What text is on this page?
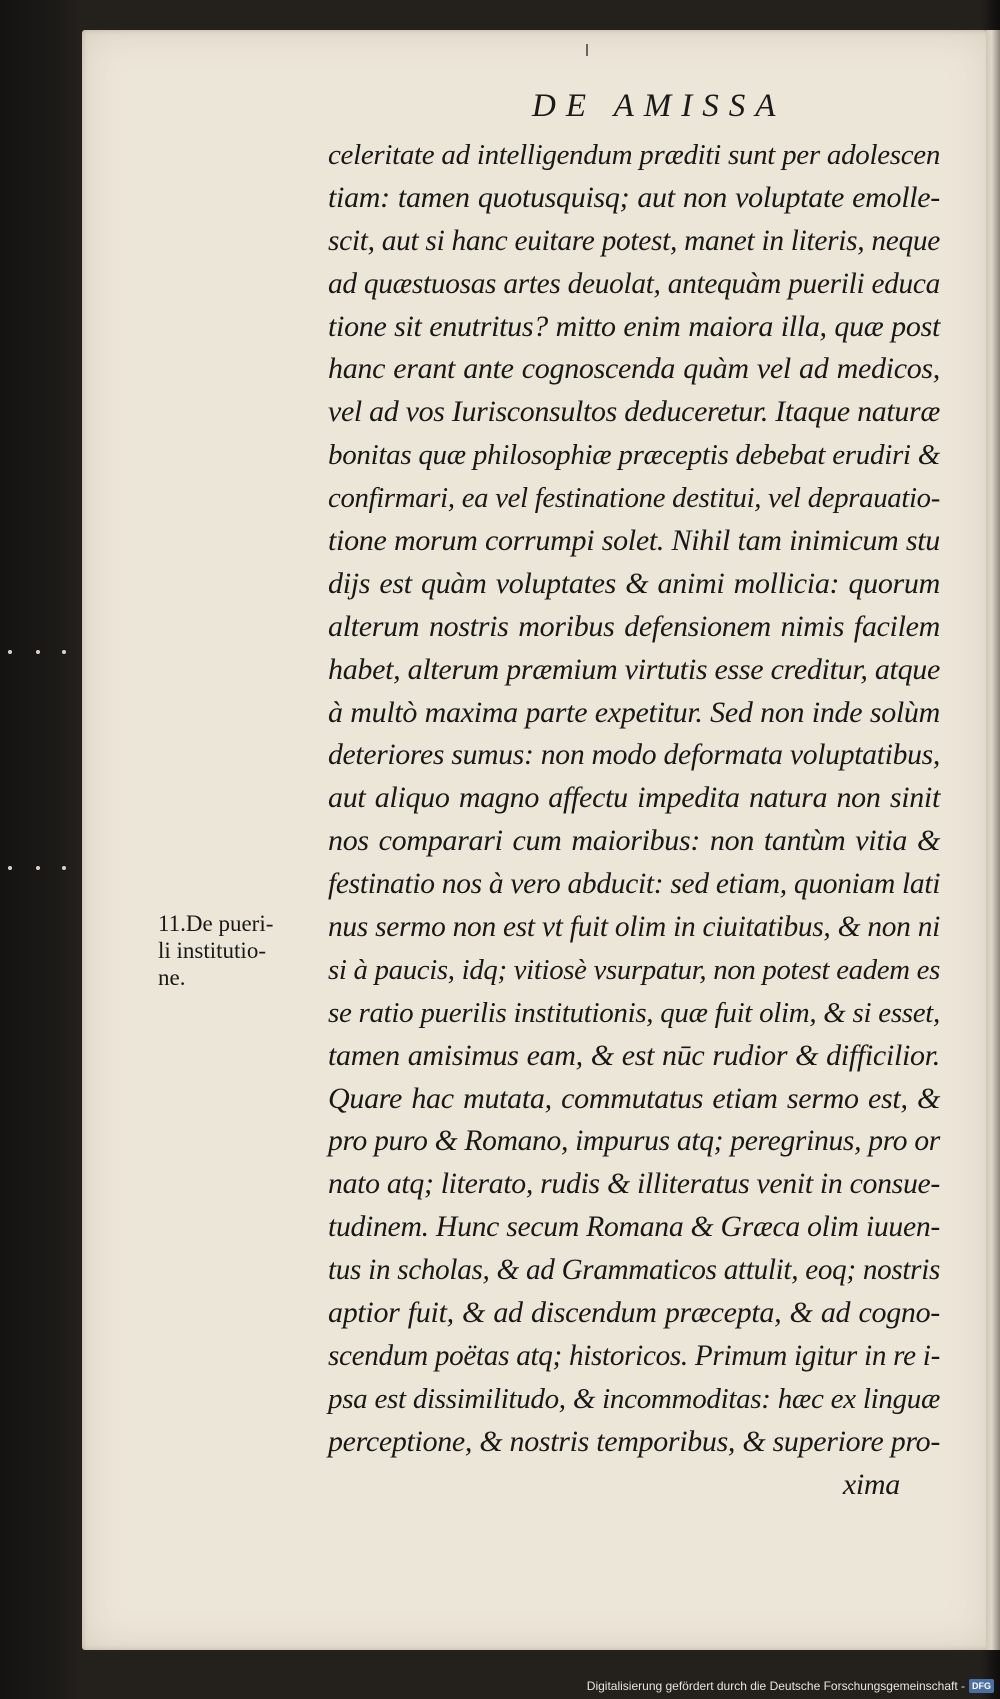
DE AMISSA
celeritate ad intelligendum præditi sunt per adolescen
tiam: tamen quotusquisq; aut non voluptate emolle-
scit, aut si hanc euitare potest, manet in literis, neque
ad quæstuosas artes deuolat, antequàm puerili educa
tione sit enutritus? mitto enim maiora illa, quæ post
hanc erant ante cognoscenda quàm vel ad medicos,
vel ad vos Iurisconsultos deduceretur. Itaque naturæ
bonitas quæ philosophiæ præceptis debebat erudiri &
confirmari, ea vel festinatione destitui, vel deprauatio-
tione morum corrumpi solet. Nihil tam inimicum stu
dijs est quàm voluptates & animi mollicia: quorum
alterum nostris moribus defensionem nimis facilem
habet, alterum præmium virtutis esse creditur, atque
à multò maxima parte expetitur. Sed non inde solùm
deteriores sumus: non modo deformata voluptatibus,
aut aliquo magno affectu impedita natura non sinit
nos comparari cum maioribus: non tantùm vitia &
festinatio nos à vero abducit: sed etiam, quoniam lati
nus sermo non est vt fuit olim in ciuitatibus, & non ni
si à paucis, idq; vitiosè vsurpatur, non potest eadem es
se ratio puerilis institutionis, quæ fuit olim, & si esset,
tamen amisimus eam, & est nūc rudior & difficilior.
Quare hac mutata, commutatus etiam sermo est, &
pro puro & Romano, impurus atq; peregrinus, pro or
nato atq; literato, rudis & illiteratus venit in consue-
tudinem. Hunc secum Romana & Græca olim iuuen-
tus in scholas, & ad Grammaticos attulit, eoq; nostris
aptior fuit, & ad discendum præcepta, & ad cogno-
scendum poëtas atq; historicos. Primum igitur in re i-
psa est dissimilitudo, & incommoditas: hæc ex linguæ
perceptione, & nostris temporibus, & superiore pro-
xima
11.De pueri-
li institutio-
ne.
Digitalisierung gefördert durch die Deutsche Forschungsgemeinschaft - DFG
